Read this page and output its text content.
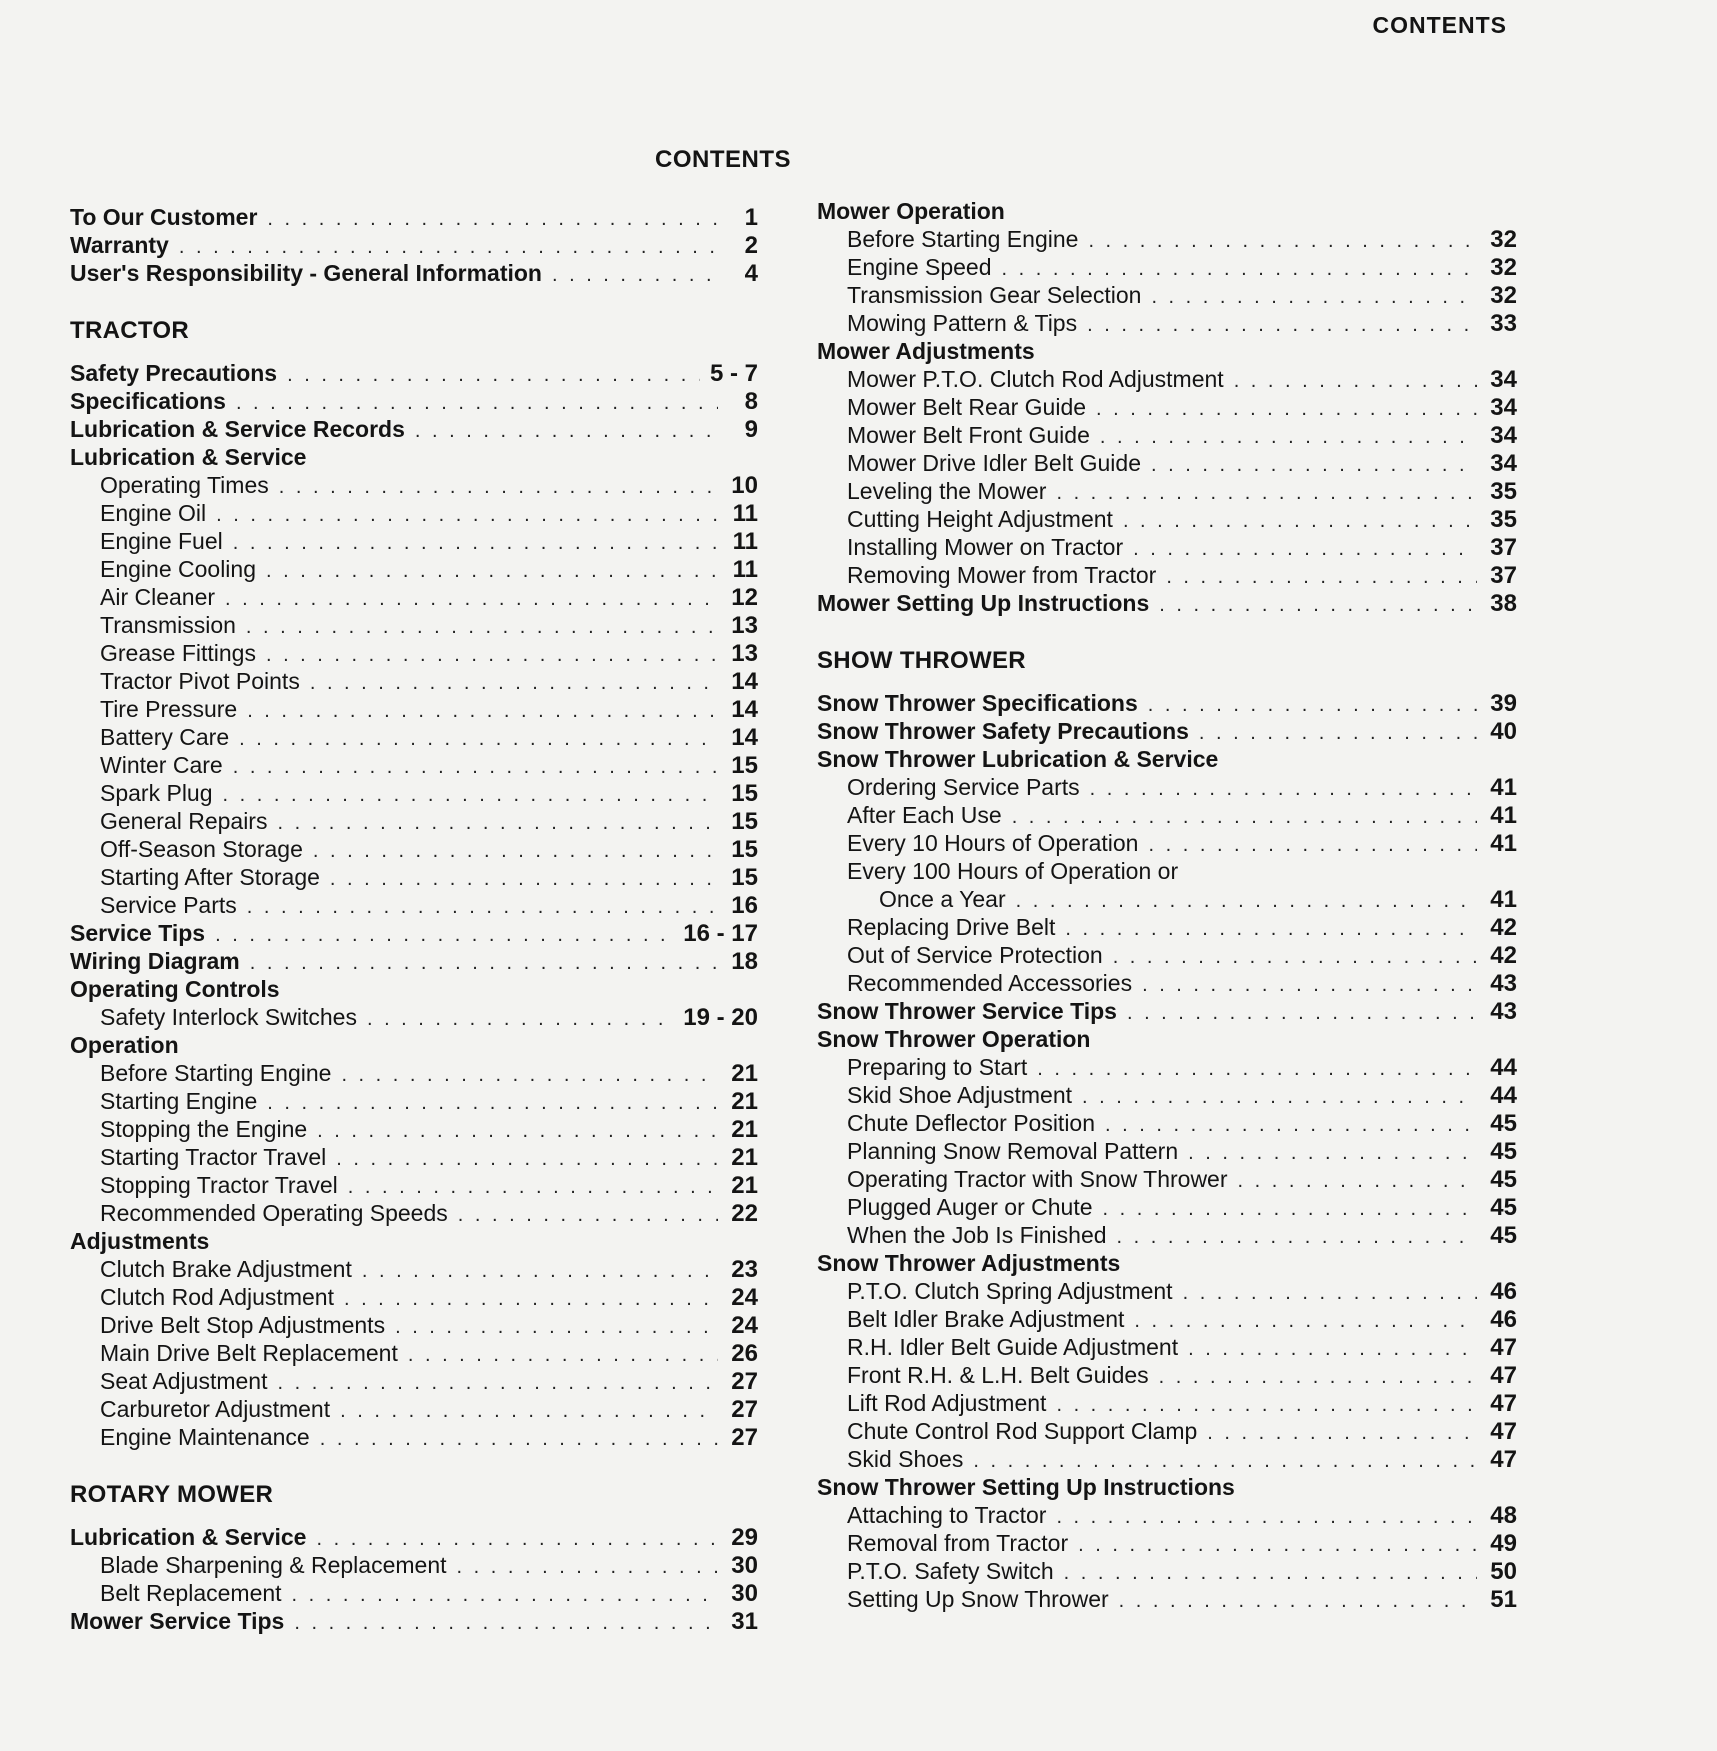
CONTENTS
CONTENTS
To Our Customer . . .	1
Warranty . . .	2
User's Responsibility - General Information . . .	4
TRACTOR
Safety Precautions . . .	5 - 7
Specifications . . .	8
Lubrication & Service Records . . .	9
Lubrication & Service
Operating Times . . .	10
Engine Oil . . .	11
Engine Fuel . . .	11
Engine Cooling . . .	11
Air Cleaner . . .	12
Transmission . . .	13
Grease Fittings . . .	13
Tractor Pivot Points . . .	14
Tire Pressure . . .	14
Battery Care . . .	14
Winter Care . . .	15
Spark Plug . . .	15
General Repairs . . .	15
Off-Season Storage . . .	15
Starting After Storage . . .	15
Service Parts . . .	16
Service Tips . . .	16 - 17
Wiring Diagram . . .	18
Operating Controls
Safety Interlock Switches . . .	19 - 20
Operation
Before Starting Engine . . .	21
Starting Engine . . .	21
Stopping the Engine . . .	21
Starting Tractor Travel . . .	21
Stopping Tractor Travel . . .	21
Recommended Operating Speeds . . .	22
Adjustments
Clutch Brake Adjustment . . .	23
Clutch Rod Adjustment . . .	24
Drive Belt Stop Adjustments . . .	24
Main Drive Belt Replacement . . .	26
Seat Adjustment . . .	27
Carburetor Adjustment . . .	27
Engine Maintenance . . .	27
ROTARY MOWER
Lubrication & Service . . .	29
Blade Sharpening & Replacement . . .	30
Belt Replacement . . .	30
Mower Service Tips . . .	31
Mower Operation
Before Starting Engine . . .	32
Engine Speed . . .	32
Transmission Gear Selection . . .	32
Mowing Pattern & Tips . . .	33
Mower Adjustments
Mower P.T.O. Clutch Rod Adjustment . . .	34
Mower Belt Rear Guide . . .	34
Mower Belt Front Guide . . .	34
Mower Drive Idler Belt Guide . . .	34
Leveling the Mower . . .	35
Cutting Height Adjustment . . .	35
Installing Mower on Tractor . . .	37
Removing Mower from Tractor . . .	37
Mower Setting Up Instructions . . .	38
SHOW THROWER
Snow Thrower Specifications . . .	39
Snow Thrower Safety Precautions . . .	40
Snow Thrower Lubrication & Service
Ordering Service Parts . . .	41
After Each Use . . .	41
Every 10 Hours of Operation . . .	41
Every 100 Hours of Operation or
Once a Year . . .	41
Replacing Drive Belt . . .	42
Out of Service Protection . . .	42
Recommended Accessories . . .	43
Snow Thrower Service Tips . . .	43
Snow Thrower Operation
Preparing to Start . . .	44
Skid Shoe Adjustment . . .	44
Chute Deflector Position . . .	45
Planning Snow Removal Pattern . . .	45
Operating Tractor with Snow Thrower . . .	45
Plugged Auger or Chute . . .	45
When the Job Is Finished . . .	45
Snow Thrower Adjustments
P.T.O. Clutch Spring Adjustment . . .	46
Belt Idler Brake Adjustment . . .	46
R.H. Idler Belt Guide Adjustment . . .	47
Front R.H. & L.H. Belt Guides . . .	47
Lift Rod Adjustment . . .	47
Chute Control Rod Support Clamp . . .	47
Skid Shoes . . .	47
Snow Thrower Setting Up Instructions
Attaching to Tractor . . .	48
Removal from Tractor . . .	49
P.T.O. Safety Switch . . .	50
Setting Up Snow Thrower . . .	51
